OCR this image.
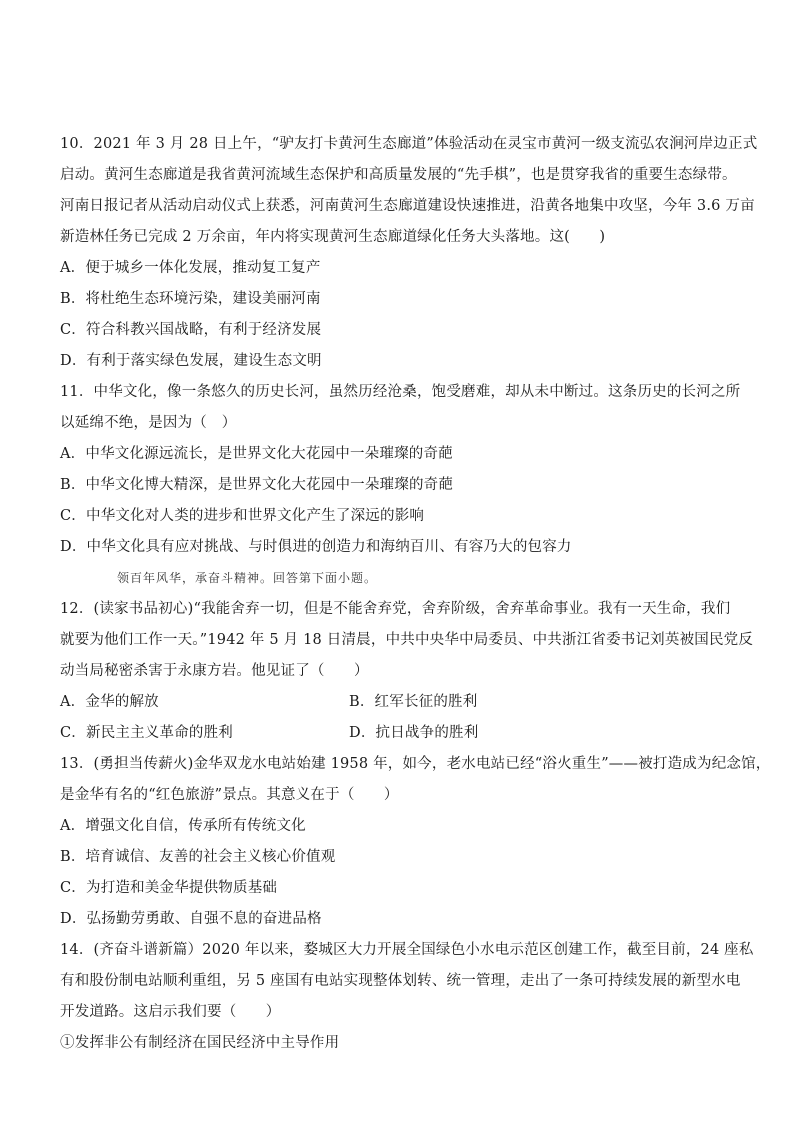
10．2021 年 3 月 28 日上午，“驴友打卡黄河生态廊道”体验活动在灵宝市黄河一级支流弘农涧河岸边正式
启动。黄河生态廊道是我省黄河流域生态保护和高质量发展的“先手棋”，也是贯穿我省的重要生态绿带。
河南日报记者从活动启动仪式上获悉，河南黄河生态廊道建设快速推进，沿黄各地集中攻坚，今年 3.6 万亩
新造林任务已完成 2 万余亩，年内将实现黄河生态廊道绿化任务大头落地。这(　　)
A．便于城乡一体化发展，推动复工复产
B．将杜绝生态环境污染，建设美丽河南
C．符合科教兴国战略，有利于经济发展
D．有利于落实绿色发展，建设生态文明
11．中华文化，像一条悠久的历史长河，虽然历经沧桑，饱受磨难，却从未中断过。这条历史的长河之所
以延绵不绝，是因为（　）
A．中华文化源远流长，是世界文化大花园中一朵璀璨的奇葩
B．中华文化博大精深，是世界文化大花园中一朵璀璨的奇葩
C．中华文化对人类的进步和世界文化产生了深远的影响
D．中华文化具有应对挑战、与时俱进的创造力和海纳百川、有容乃大的包容力
领百年风华，承奋斗精神。回答第下面小题。
12．(读家书品初心)“我能舍弃一切，但是不能舍弃党，舍弃阶级，舍弃革命事业。我有一天生命，我们
就要为他们工作一天。”1942 年 5 月 18 日清晨，中共中央华中局委员、中共浙江省委书记刘英被国民党反
动当局秘密杀害于永康方岩。他见证了（　　）
A．金华的解放	B．红军长征的胜利
C．新民主主义革命的胜利	D．抗日战争的胜利
13．(勇担当传薪火)金华双龙水电站始建 1958 年，如今，老水电站已经“浴火重生”——被打造成为纪念馆，
是金华有名的“红色旅游”景点。其意义在于（　　）
A．增强文化自信，传承所有传统文化
B．培育诚信、友善的社会主义核心价值观
C．为打造和美金华提供物质基础
D．弘扬勤劳勇敢、自强不息的奋进品格
14．(齐奋斗谱新篇）2020 年以来，婺城区大力开展全国绿色小水电示范区创建工作，截至目前，24 座私
有和股份制电站顺利重组，另 5 座国有电站实现整体划转、统一管理，走出了一条可持续发展的新型水电
开发道路。这启示我们要（　　）
①发挥非公有制经济在国民经济中主导作用
